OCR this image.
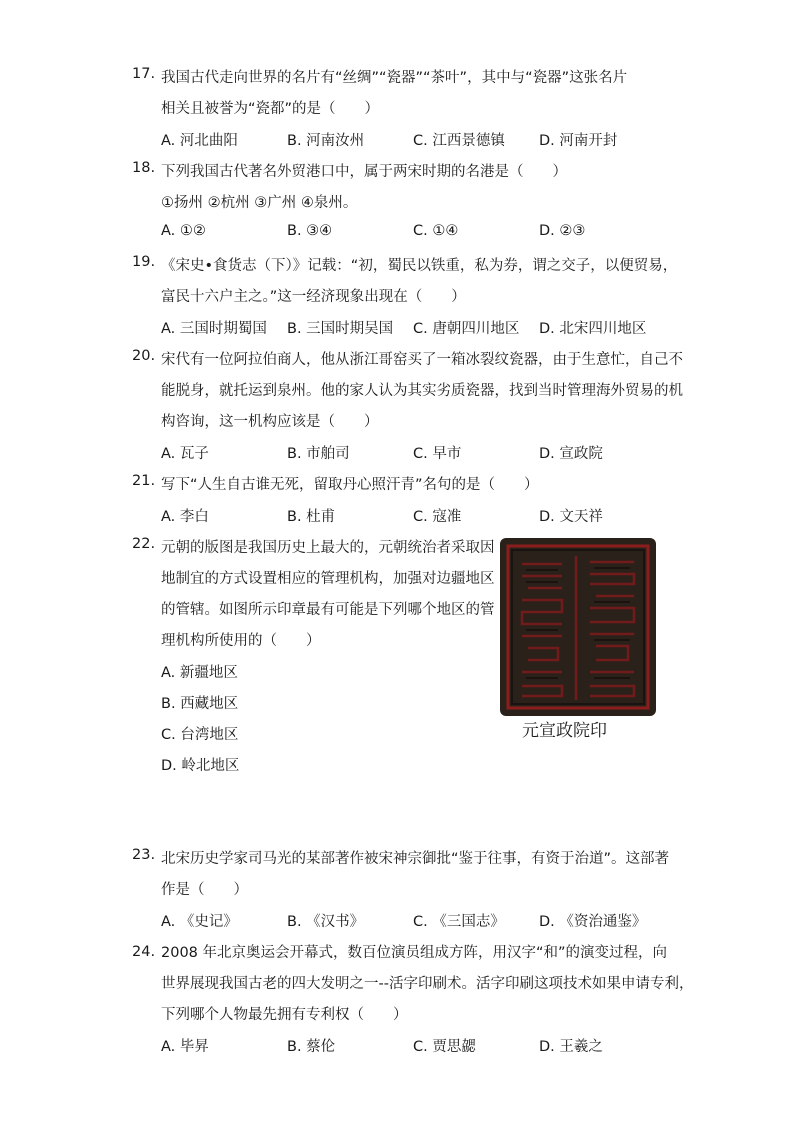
17. 我国古代走向世界的名片有“丝绸”“瓷器”“茶叶”，其中与“瓷器”这张名片
相关且被誉为“瓷都”的是（　　）
A. 河北曲阳	B. 河南汝州	C. 江西景德镇 D. 河南开封
18. 下列我国古代著名外贸港口中，属于两宋时期的名港是（　　）
①扬州 ②杭州 ③广州 ④泉州。
A. ①②	B. ③④	C. ①④	D. ②③
19. 《宋史•食货志（下）》记载：“初，蜀民以铁重，私为券，谓之交子，以便贸易，
富民十六户主之。”这一经济现象出现在（　　）
A. 三国时期蜀国 B. 三国时期吴国 C. 唐朝四川地区 D. 北宋四川地区
20. 宋代有一位阿拉伯商人，他从浙江哥窑买了一箱冰裂纹瓷器，由于生意忙，自己不
能脱身，就托运到泉州。他的家人认为其实劣质瓷器，找到当时管理海外贸易的机
构咨询，这一机构应该是（　　）
A. 瓦子	B. 市舶司	C. 早市	D. 宣政院
21. 写下“人生自古谁无死，留取丹心照汗青”名句的是（　　）
A. 李白	B. 杜甫	C. 寇准	D. 文天祥
22. 元朝的版图是我国历史上最大的，元朝统治者采取因
地制宜的方式设置相应的管理机构，加强对边疆地区
的管辖。如图所示印章最有可能是下列哪个地区的管
理机构所使用的（　　）
A. 新疆地区
B. 西藏地区
C. 台湾地区
D. 岭北地区
元宣政院印
23. 北宋历史学家司马光的某部著作被宋神宗御批“鉴于往事，有资于治道”。这部著
作是（　　）
A. 《史记》	B. 《汉书》	C. 《三国志》 D. 《资治通鉴》
24. 2008 年北京奥运会开幕式，数百位演员组成方阵，用汉字“和”的演变过程，向
世界展现我国古老的四大发明之一--活字印刷术。活字印刷这项技术如果申请专利，
下列哪个人物最先拥有专利权（　　）
A. 毕昇	B. 蔡伦	C. 贾思勰	D. 王羲之
